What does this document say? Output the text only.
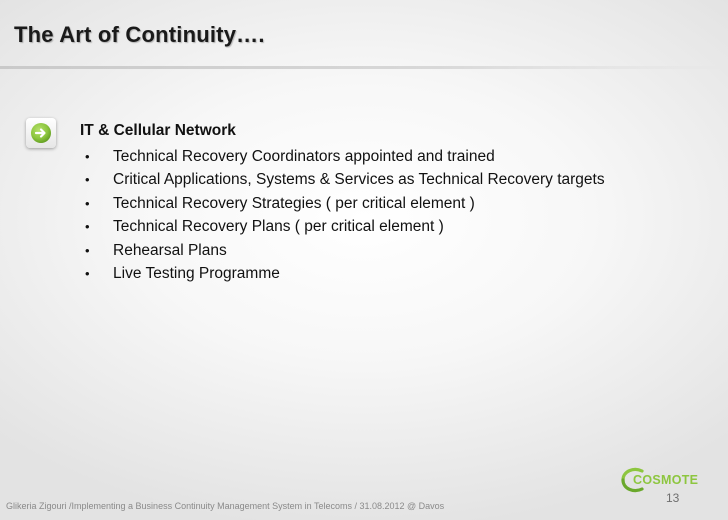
The Art of Continuity….
IT & Cellular Network
• Technical Recovery Coordinators appointed and trained
• Critical Applications, Systems & Services as Technical Recovery targets
• Technical Recovery Strategies ( per critical element )
• Technical Recovery Plans ( per critical element )
• Rehearsal Plans
• Live Testing Programme
COSMOTE
13
Glikeria Zigouri /Implementing a Business Continuity Management System in Telecoms / 31.08.2012 @ Davos
